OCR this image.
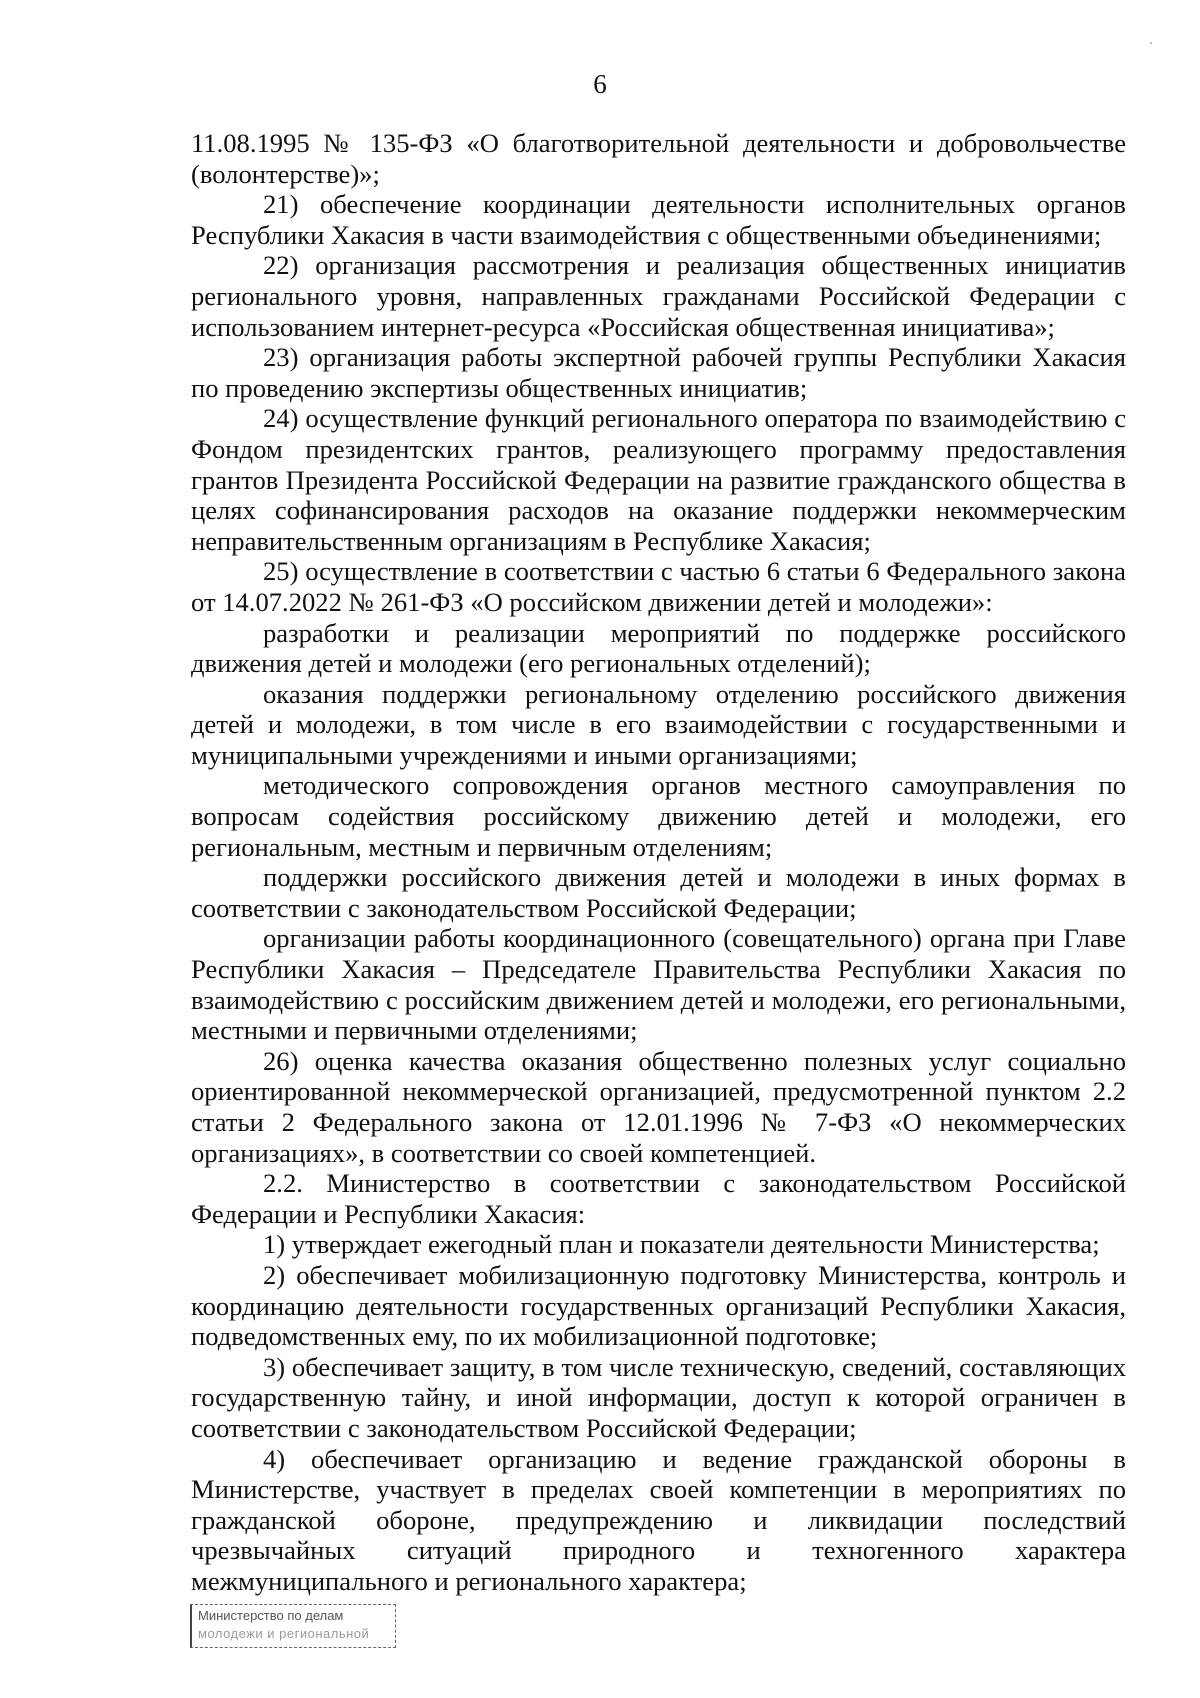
6

11.08.1995 № 135-ФЗ «О благотворительной деятельности и добровольчестве (волонтерстве)»;

21) обеспечение координации деятельности исполнительных органов Республики Хакасия в части взаимодействия с общественными объединениями;

22) организация рассмотрения и реализация общественных инициатив регионального уровня, направленных гражданами Российской Федерации с использованием интернет-ресурса «Российская общественная инициатива»;

23) организация работы экспертной рабочей группы Республики Хакасия по проведению экспертизы общественных инициатив;

24) осуществление функций регионального оператора по взаимодействию с Фондом президентских грантов, реализующего программу предоставления грантов Президента Российской Федерации на развитие гражданского общества в целях софинансирования расходов на оказание поддержки некоммерческим неправительственным организациям в Республике Хакасия;

25) осуществление в соответствии с частью 6 статьи 6 Федерального закона от 14.07.2022 № 261-ФЗ «О российском движении детей и молодежи»:

разработки и реализации мероприятий по поддержке российского движения детей и молодежи (его региональных отделений);

оказания поддержки региональному отделению российского движения детей и молодежи, в том числе в его взаимодействии с государственными и муниципальными учреждениями и иными организациями;

методического сопровождения органов местного самоуправления по вопросам содействия российскому движению детей и молодежи, его региональным, местным и первичным отделениям;

поддержки российского движения детей и молодежи в иных формах в соответствии с законодательством Российской Федерации;

организации работы координационного (совещательного) органа при Главе Республики Хакасия – Председателе Правительства Республики Хакасия по взаимодействию с российским движением детей и молодежи, его региональными, местными и первичными отделениями;

26) оценка качества оказания общественно полезных услуг социально ориентированной некоммерческой организацией, предусмотренной пунктом 2.2 статьи 2 Федерального закона от 12.01.1996 № 7-ФЗ «О некоммерческих организациях», в соответствии со своей компетенцией.

2.2. Министерство в соответствии с законодательством Российской Федерации и Республики Хакасия:

1) утверждает ежегодный план и показатели деятельности Министерства;

2) обеспечивает мобилизационную подготовку Министерства, контроль и координацию деятельности государственных организаций Республики Хакасия, подведомственных ему, по их мобилизационной подготовке;

3) обеспечивает защиту, в том числе техническую, сведений, составляющих государственную тайну, и иной информации, доступ к которой ограничен в соответствии с законодательством Российской Федерации;

4) обеспечивает организацию и ведение гражданской обороны в Министерстве, участвует в пределах своей компетенции в мероприятиях по гражданской обороне, предупреждению и ликвидации последствий чрезвычайных ситуаций природного и техногенного характера межмуниципального и регионального характера;

Министерство по делам
молодежи и региональной
